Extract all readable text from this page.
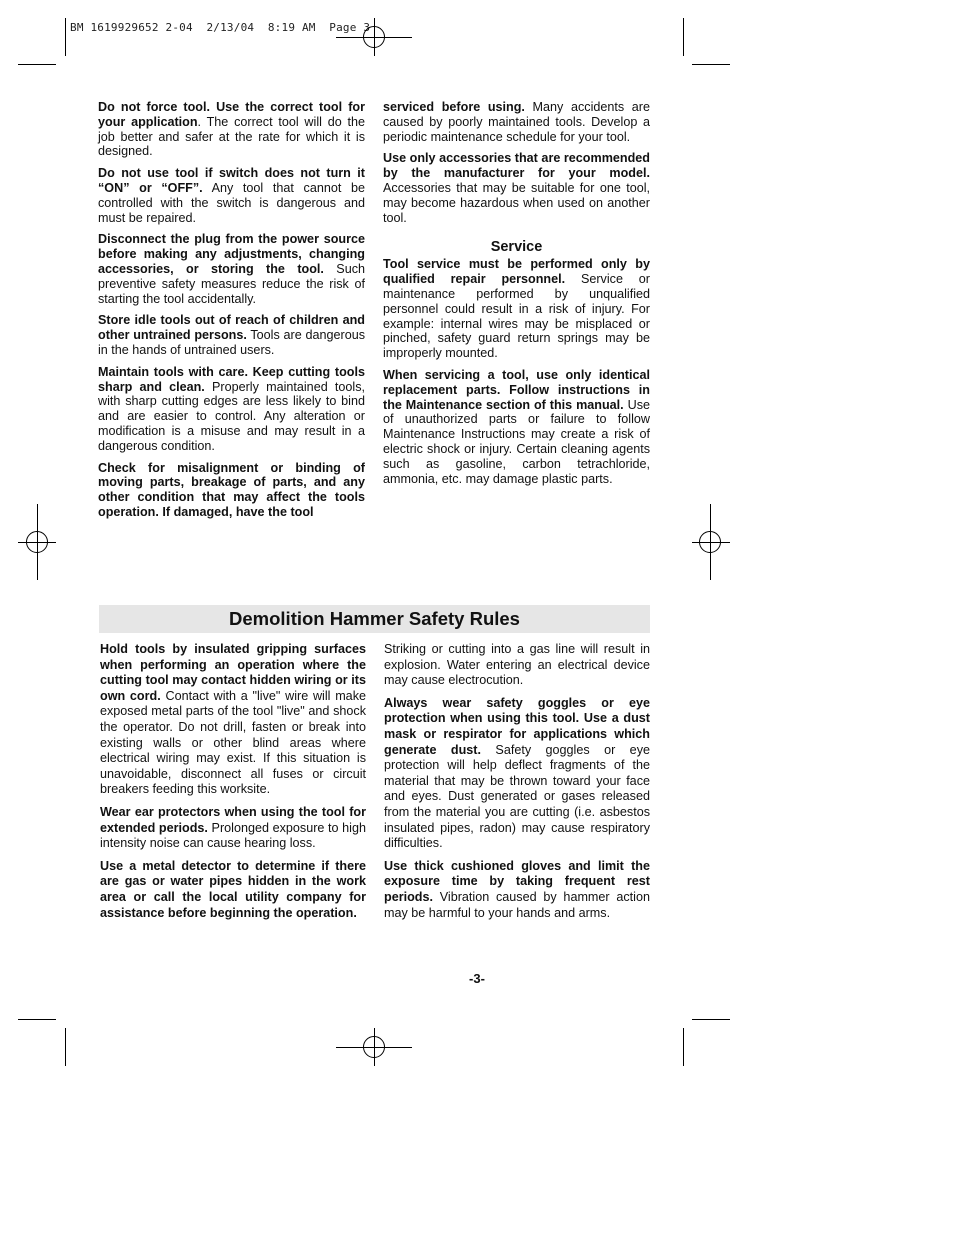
BM 1619929652 2-04  2/13/04  8:19 AM  Page 3

Do not force tool. Use the correct tool for your application. The correct tool will do the job better and safer at the rate for which it is designed.

Do not use tool if switch does not turn it “ON” or “OFF”. Any tool that cannot be controlled with the switch is dangerous and must be repaired.

Disconnect the plug from the power source before making any adjustments, changing accessories, or storing the tool. Such preventive safety measures reduce the risk of starting the tool accidentally.

Store idle tools out of reach of children and other untrained persons. Tools are dangerous in the hands of untrained users.

Maintain tools with care. Keep cutting tools sharp and clean. Properly maintained tools, with sharp cutting edges are less likely to bind and are easier to control. Any alteration or modification is a misuse and may result in a dangerous condition.

Check for misalignment or binding of moving parts, breakage of parts, and any other condition that may affect the tools operation. If damaged, have the tool

serviced before using. Many accidents are caused by poorly maintained tools. Develop a periodic maintenance schedule for your tool.

Use only accessories that are recommended by the manufacturer for your model. Accessories that may be suitable for one tool, may become hazardous when used on another tool.

Service

Tool service must be performed only by qualified repair personnel. Service or maintenance performed by unqualified personnel could result in a risk of injury. For example: internal wires may be misplaced or pinched, safety guard return springs may be improperly mounted.

When servicing a tool, use only identical replacement parts. Follow instructions in the Maintenance section of this manual. Use of unauthorized parts or failure to follow Maintenance Instructions may create a risk of electric shock or injury. Certain cleaning agents such as gasoline, carbon tetrachloride, ammonia, etc. may damage plastic parts.

Demolition Hammer Safety Rules

Hold tools by insulated gripping surfaces when performing an operation where the cutting tool may contact hidden wiring or its own cord. Contact with a "live" wire will make exposed metal parts of the tool "live" and shock the operator. Do not drill, fasten or break into existing walls or other blind areas where electrical wiring may exist. If this situation is unavoidable, disconnect all fuses or circuit breakers feeding this worksite.

Wear ear protectors when using the tool for extended periods. Prolonged exposure to high intensity noise can cause hearing loss.

Use a metal detector to determine if there are gas or water pipes hidden in the work area or call the local utility company for assistance before beginning the operation.

Striking or cutting into a gas line will result in explosion. Water entering an electrical device may cause electrocution.

Always wear safety goggles or eye protection when using this tool. Use a dust mask or respirator for applications which generate dust. Safety goggles or eye protection will help deflect fragments of the material that may be thrown toward your face and eyes. Dust generated or gases released from the material you are cutting (i.e. asbestos insulated pipes, radon) may cause respiratory difficulties.

Use thick cushioned gloves and limit the exposure time by taking frequent rest periods. Vibration caused by hammer action may be harmful to your hands and arms.

-3-
